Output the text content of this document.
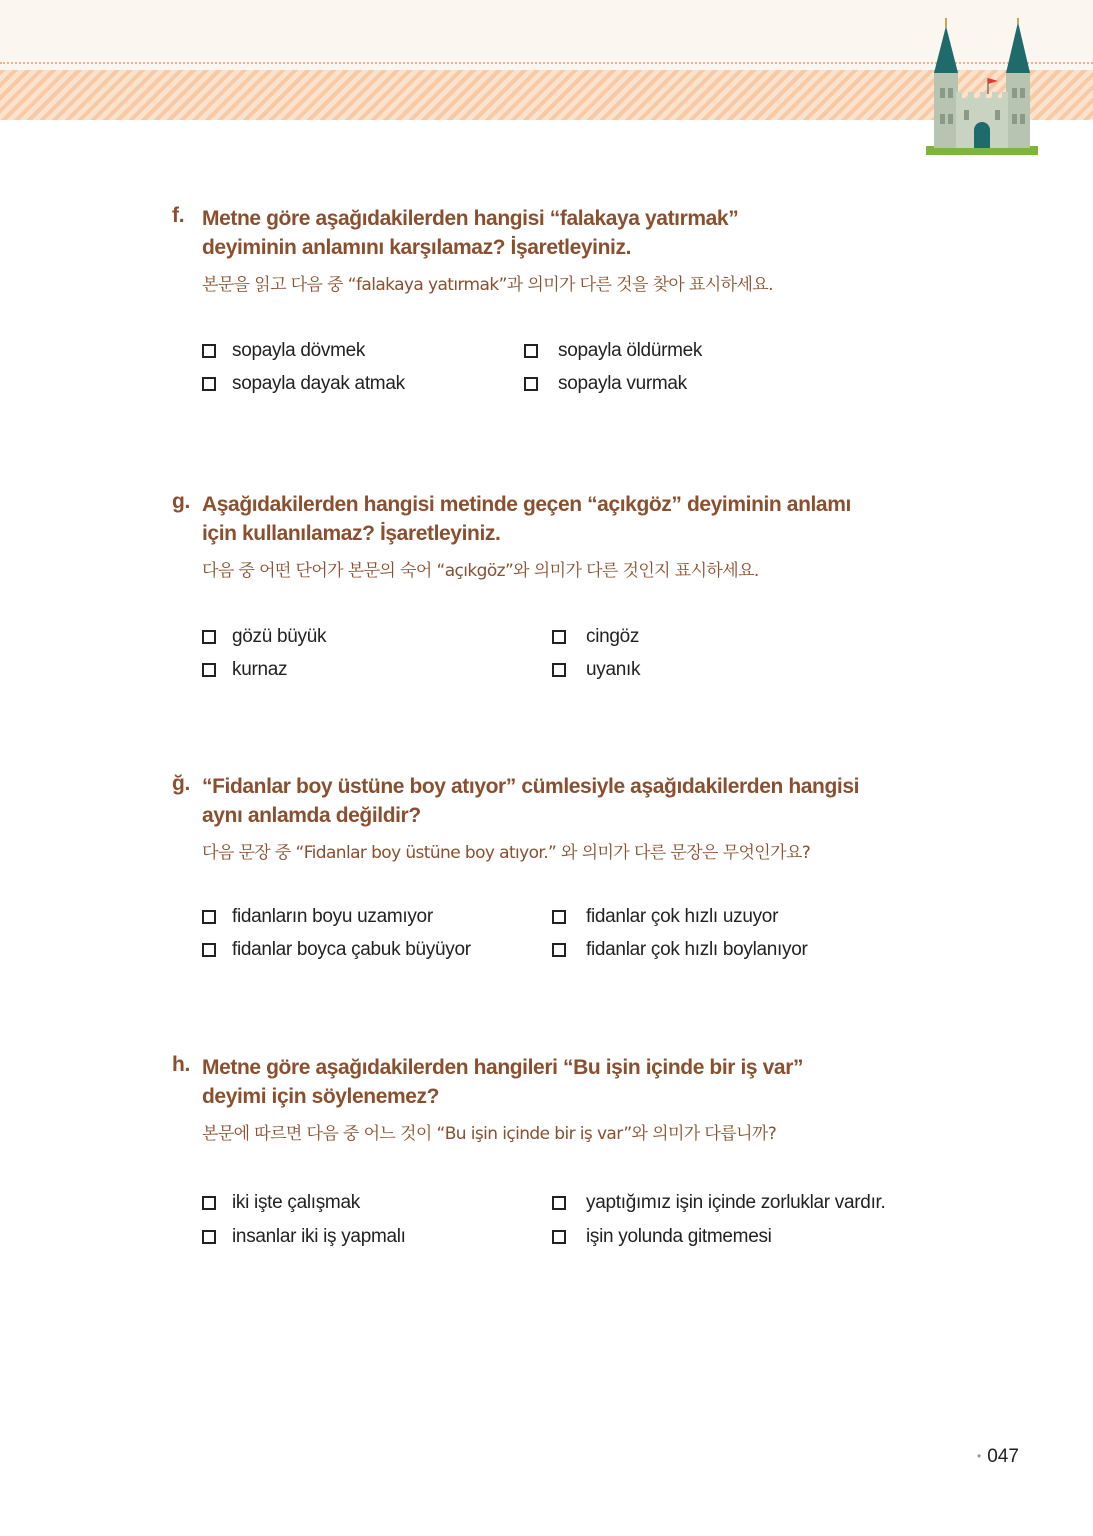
f. Metne göre aşağıdakilerden hangisi “falakaya yatırmak”
deyiminin anlamını karşılamaz? İşaretleyiniz.
본문을 읽고 다음 중 “falakaya yatırmak”과 의미가 다른 것을 찾아 표시하세요.
sopayla dövmek	sopayla öldürmek
sopayla dayak atmak	sopayla vurmak
g. Aşağıdakilerden hangisi metinde geçen “açıkgöz” deyiminin anlamı
için kullanılamaz? İşaretleyiniz.
다음 중 어떤 단어가 본문의 숙어 “açıkgöz”와 의미가 다른 것인지 표시하세요.
gözü büyük	cingöz
kurnaz	uyanık
ğ. “Fidanlar boy üstüne boy atıyor” cümlesiyle aşağıdakilerden hangisi
aynı anlamda değildir?
다음 문장 중 “Fidanlar boy üstüne boy atıyor.” 와 의미가 다른 문장은 무엇인가요?
fidanların boyu uzamıyor	fidanlar çok hızlı uzuyor
fidanlar boyca çabuk büyüyor	fidanlar çok hızlı boylanıyor
h. Metne göre aşağıdakilerden hangileri “Bu işin içinde bir iş var”
deyimi için söylenemez?
본문에 따르면 다음 중 어느 것이 “Bu işin içinde bir iş var”와 의미가 다릅니까?
iki işte çalışmak	yaptığımız işin içinde zorluklar vardır.
insanlar iki iş yapmalı	işin yolunda gitmemesi
• 047
